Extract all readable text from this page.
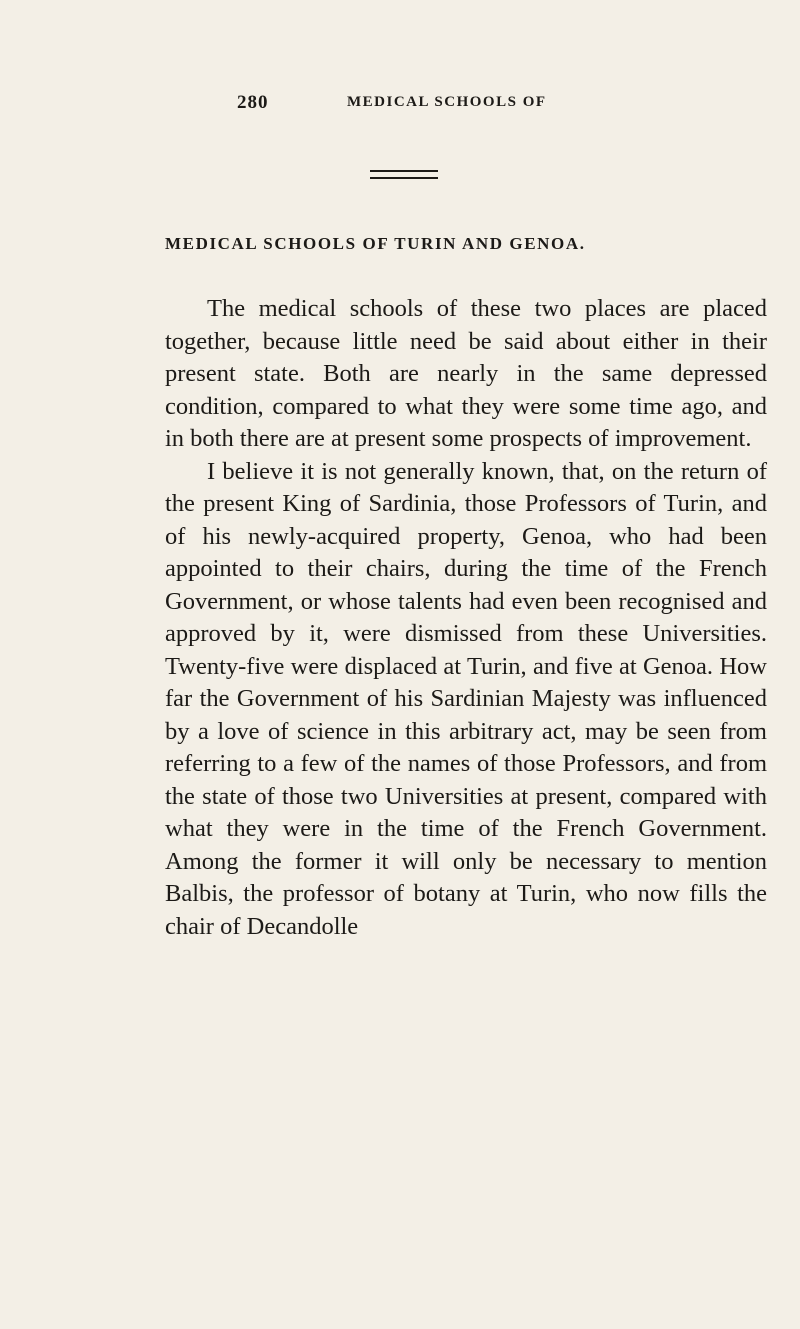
280	MEDICAL SCHOOLS OF
MEDICAL SCHOOLS OF TURIN AND GENOA.

The medical schools of these two places are placed together, because little need be said about either in their present state. Both are nearly in the same depressed condition, compared to what they were some time ago, and in both there are at present some prospects of improvement.

I believe it is not generally known, that, on the return of the present King of Sardinia, those Professors of Turin, and of his newly-acquired property, Genoa, who had been appointed to their chairs, during the time of the French Government, or whose talents had even been recognised and approved by it, were dismissed from these Universities. Twenty-five were displaced at Turin, and five at Genoa. How far the Government of his Sardinian Majesty was influenced by a love of science in this arbitrary act, may be seen from referring to a few of the names of those Professors, and from the state of those two Universities at present, compared with what they were in the time of the French Government. Among the former it will only be necessary to mention Balbis, the professor of botany at Turin, who now fills the chair of Decandolle
